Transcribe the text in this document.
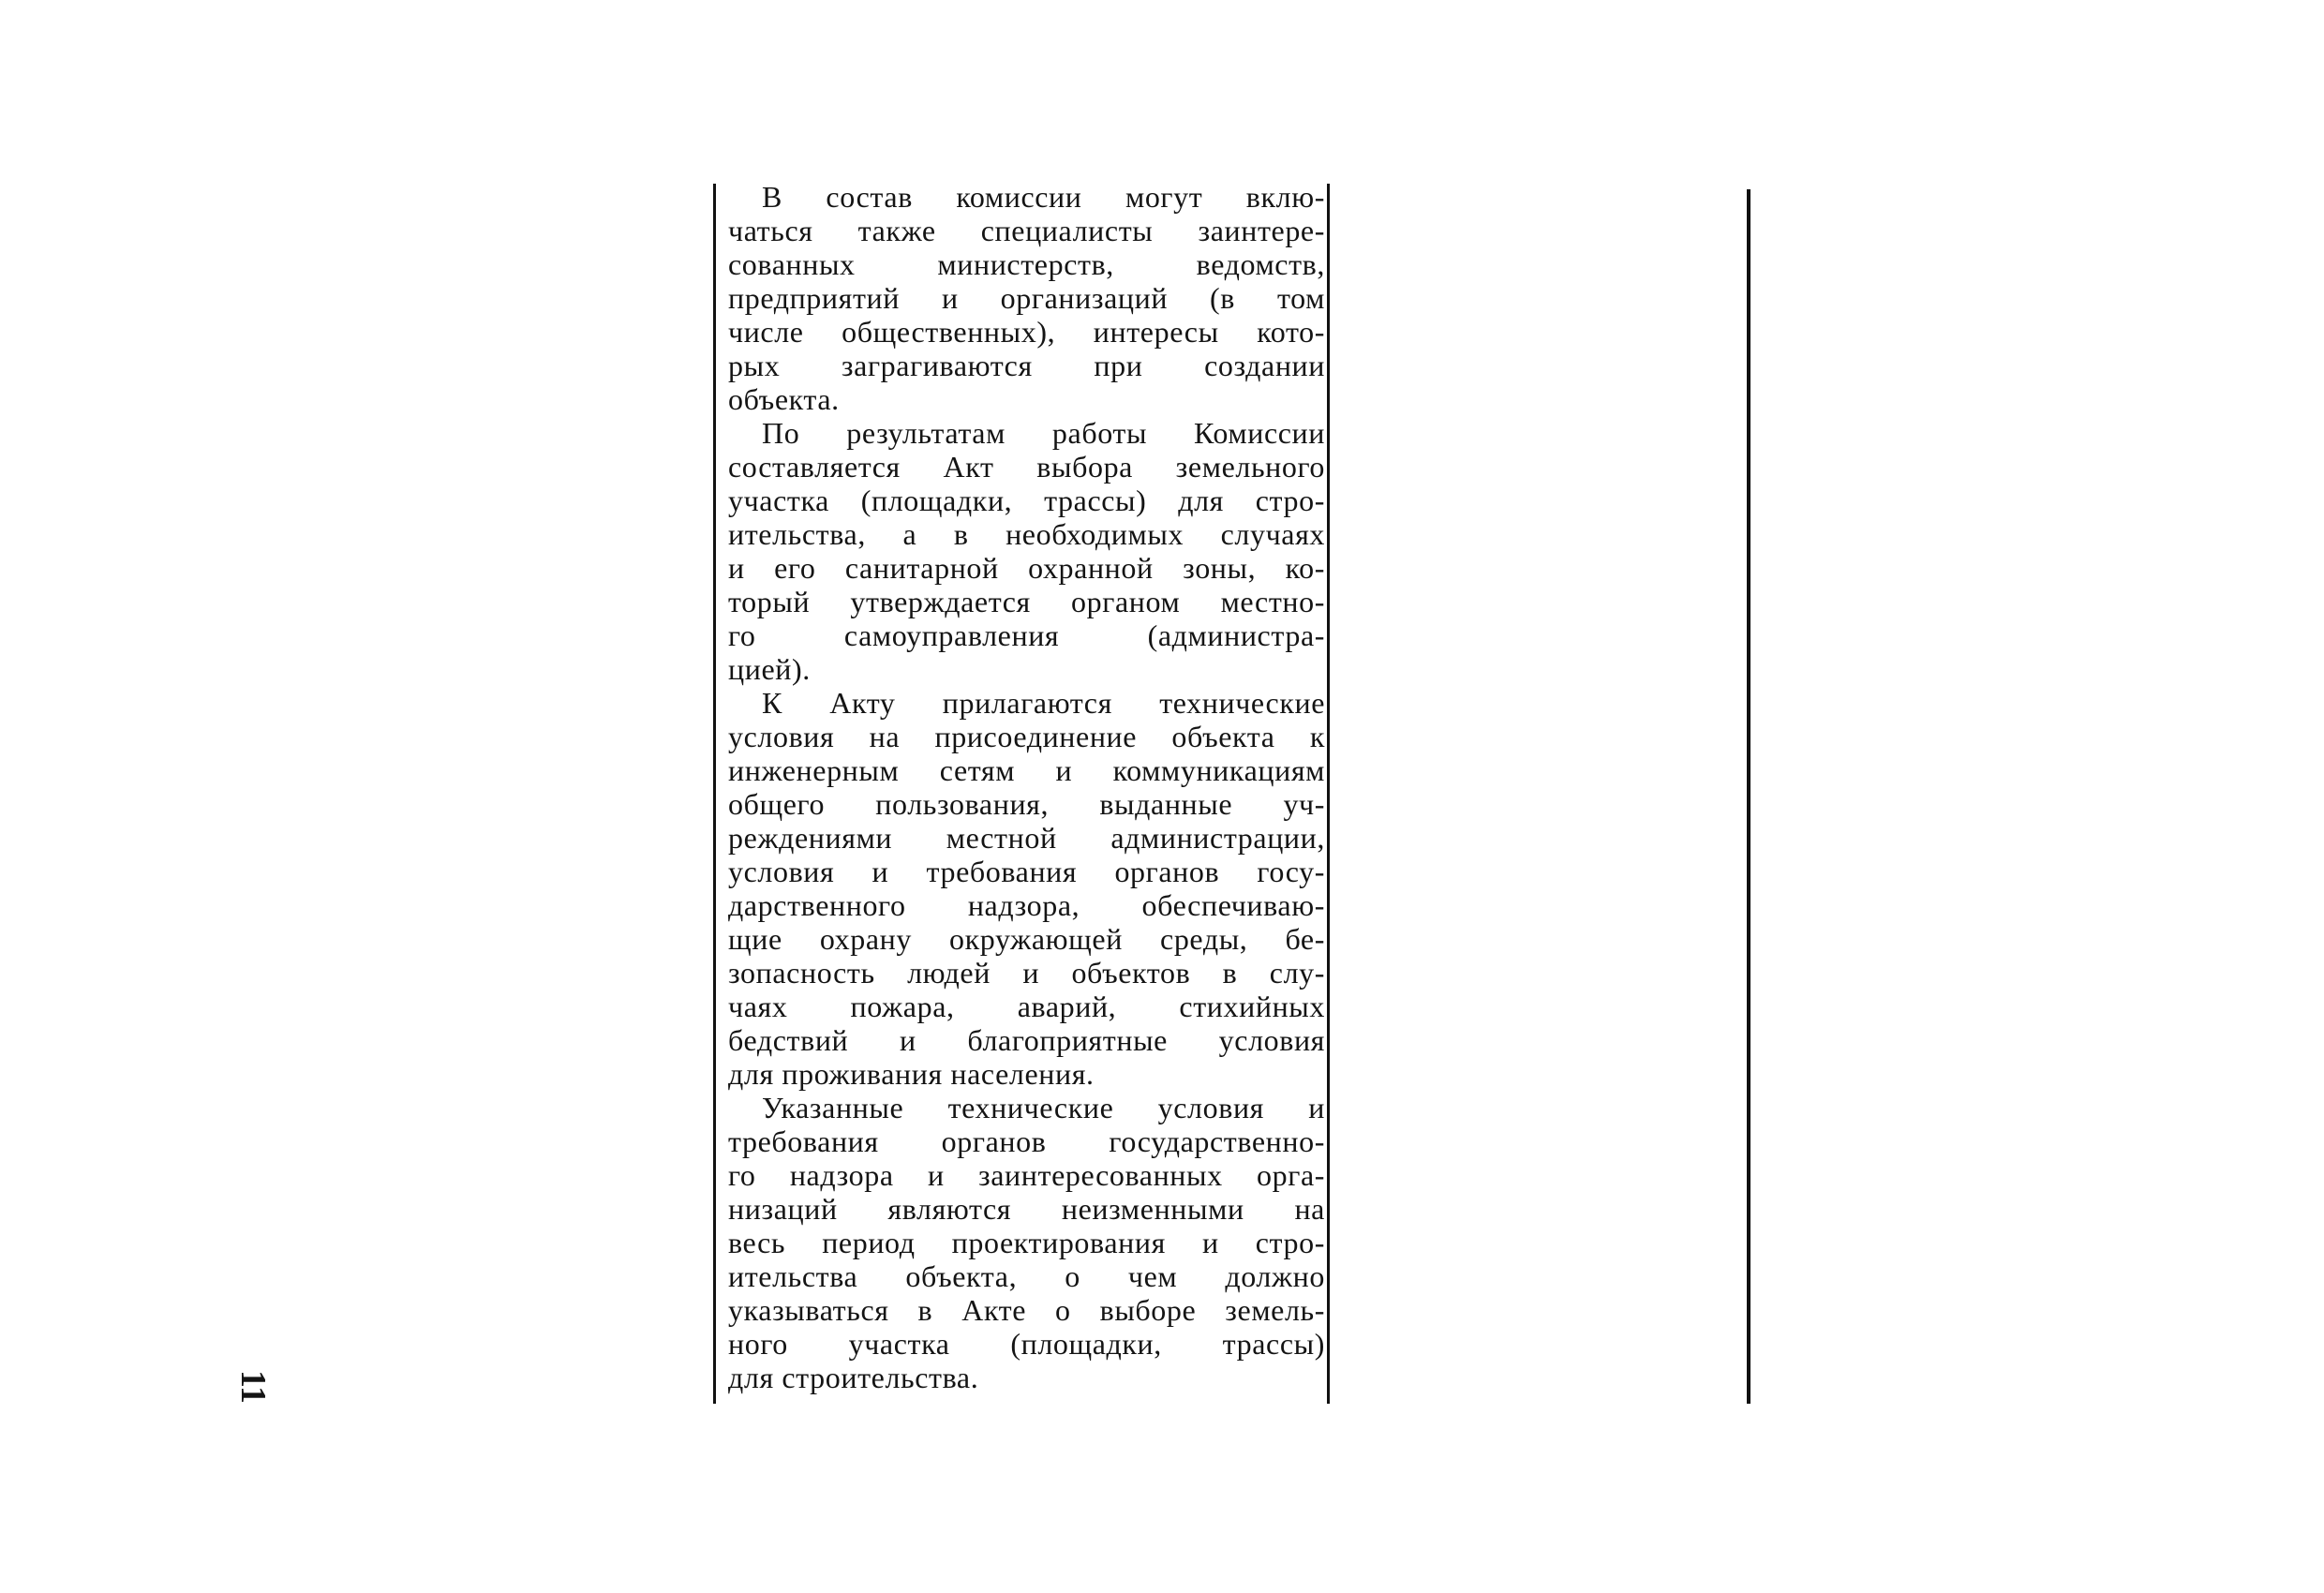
В состав комиссии могут вклю-
чаться также специалисты заинтере-
сованных министерств, ведомств,
предприятий и организаций (в том
числе общественных), интересы кото-
рых заграгиваются при создании
объекта.

По результатам работы Комиссии
составляется Акт выбора земельного
участка (площадки, трассы) для стро-
ительства, а в необходимых случаях
и его санитарной охранной зоны, ко-
торый утверждается органом местно-
го самоуправления (администра-
цией).

К Акту прилагаются технические
условия на присоединение объекта к
инженерным сетям и коммуникациям
общего пользования, выданные уч-
реждениями местной администрации,
условия и требования органов госу-
дарственного надзора, обеспечиваю-
щие охрану окружающей среды, бе-
зопасность людей и объектов в слу-
чаях пожара, аварий, стихийных
бедствий и благоприятные условия
для проживания населения.

Указанные технические условия и
требования органов государственно-
го надзора и заинтересованных орга-
низаций являются неизменными на
весь период проектирования и стро-
ительства объекта, о чем должно
указываться в Акте о выборе земель-
ного участка (площадки, трассы)
для строительства.

11
